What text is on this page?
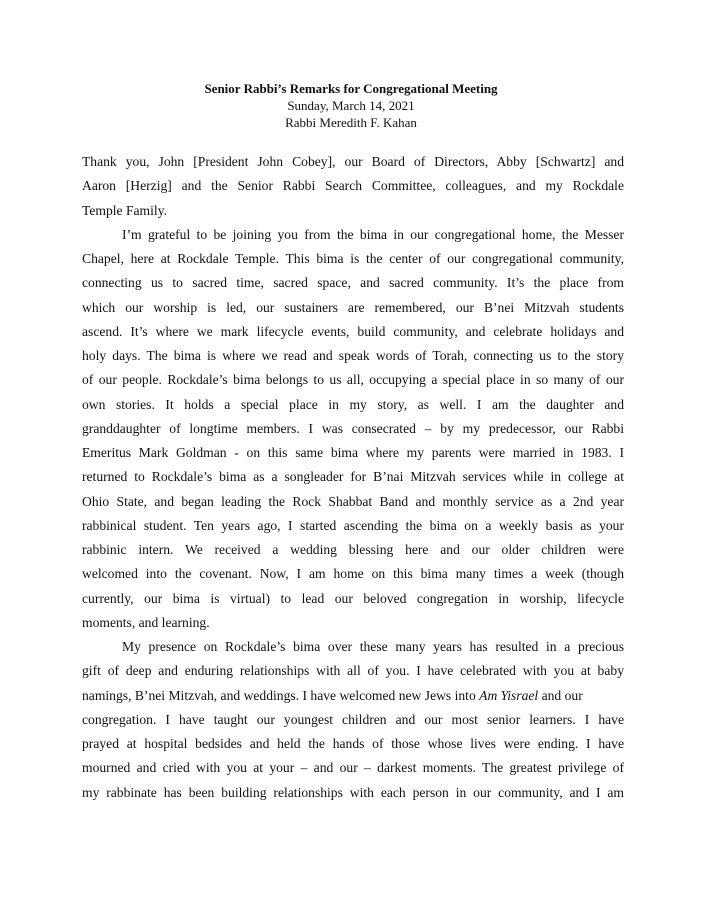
Senior Rabbi’s Remarks for Congregational Meeting
Sunday, March 14, 2021
Rabbi Meredith F. Kahan

Thank you, John [President John Cobey], our Board of Directors, Abby [Schwartz] and
Aaron [Herzig] and the Senior Rabbi Search Committee, colleagues, and my Rockdale
Temple Family.

I’m grateful to be joining you from the bima in our congregational home, the Messer
Chapel, here at Rockdale Temple. This bima is the center of our congregational community,
connecting us to sacred time, sacred space, and sacred community. It’s the place from
which our worship is led, our sustainers are remembered, our B’nei Mitzvah students
ascend. It’s where we mark lifecycle events, build community, and celebrate holidays and
holy days. The bima is where we read and speak words of Torah, connecting us to the story
of our people. Rockdale’s bima belongs to us all, occupying a special place in so many of our
own stories. It holds a special place in my story, as well. I am the daughter and
granddaughter of longtime members. I was consecrated – by my predecessor, our Rabbi
Emeritus Mark Goldman - on this same bima where my parents were married in 1983. I
returned to Rockdale’s bima as a songleader for B’nai Mitzvah services while in college at
Ohio State, and began leading the Rock Shabbat Band and monthly service as a 2nd year
rabbinical student. Ten years ago, I started ascending the bima on a weekly basis as your
rabbinic intern. We received a wedding blessing here and our older children were
welcomed into the covenant. Now, I am home on this bima many times a week (though
currently, our bima is virtual) to lead our beloved congregation in worship, lifecycle
moments, and learning.

My presence on Rockdale’s bima over these many years has resulted in a precious
gift of deep and enduring relationships with all of you. I have celebrated with you at baby
namings, B’nei Mitzvah, and weddings. I have welcomed new Jews into Am Yisrael and our
congregation. I have taught our youngest children and our most senior learners. I have
prayed at hospital bedsides and held the hands of those whose lives were ending. I have
mourned and cried with you at your – and our – darkest moments. The greatest privilege of
my rabbinate has been building relationships with each person in our community, and I am
